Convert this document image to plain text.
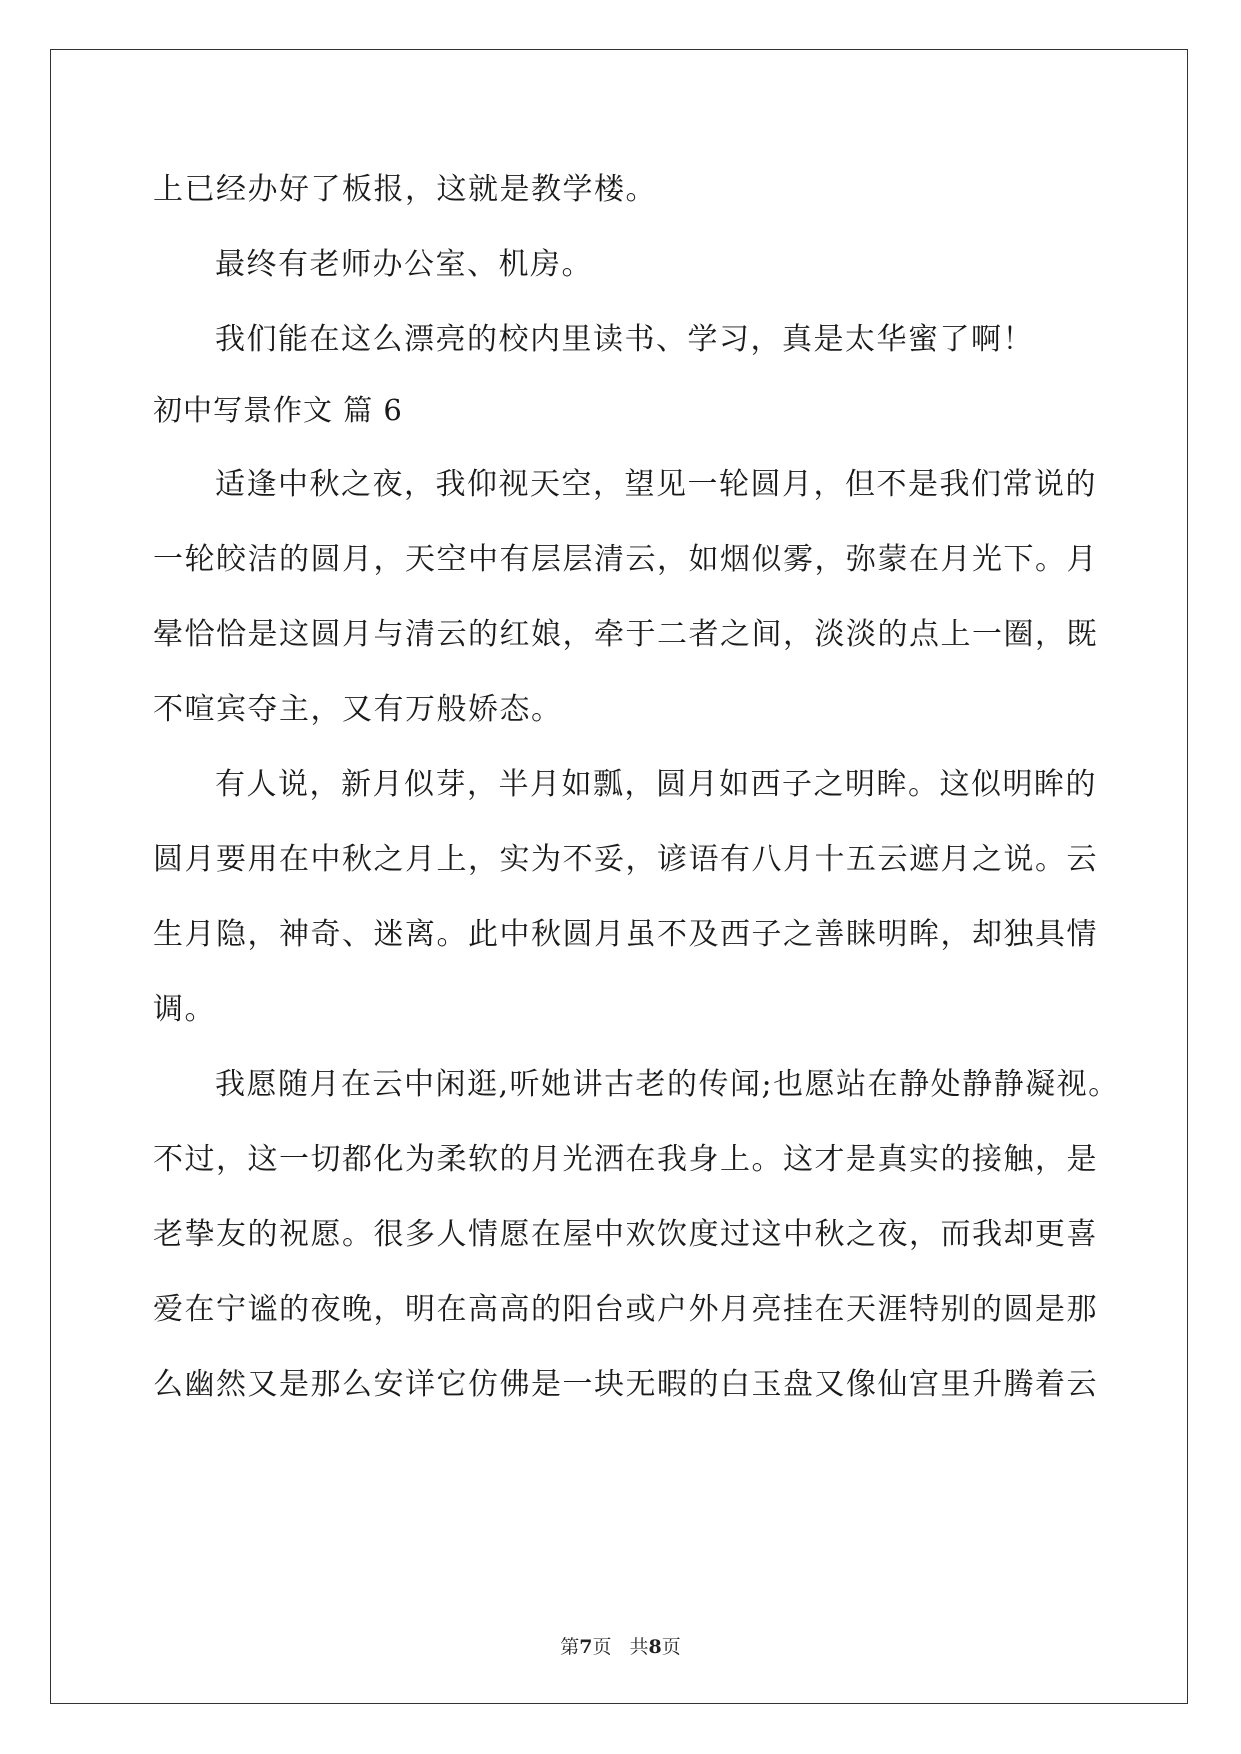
上已经办好了板报，这就是教学楼。
最终有老师办公室、机房。
我们能在这么漂亮的校内里读书、学习，真是太华蜜了啊！
初中写景作文 篇 6
适逢中秋之夜，我仰视天空，望见一轮圆月，但不是我们常说的
一轮皎洁的圆月，天空中有层层清云，如烟似雾，弥蒙在月光下。月
晕恰恰是这圆月与清云的红娘，牵于二者之间，淡淡的点上一圈，既
不喧宾夺主，又有万般娇态。
有人说，新月似芽，半月如瓢，圆月如西子之明眸。这似明眸的
圆月要用在中秋之月上，实为不妥，谚语有八月十五云遮月之说。云
生月隐，神奇、迷离。此中秋圆月虽不及西子之善睐明眸，却独具情
调。
我愿随月在云中闲逛,听她讲古老的传闻;也愿站在静处静静凝视。
不过，这一切都化为柔软的月光洒在我身上。这才是真实的接触，是
老挚友的祝愿。很多人情愿在屋中欢饮度过这中秋之夜，而我却更喜
爱在宁谧的夜晚，明在高高的阳台或户外月亮挂在天涯特别的圆是那
么幽然又是那么安详它仿佛是一块无暇的白玉盘又像仙宫里升腾着云
第7页 共8页
